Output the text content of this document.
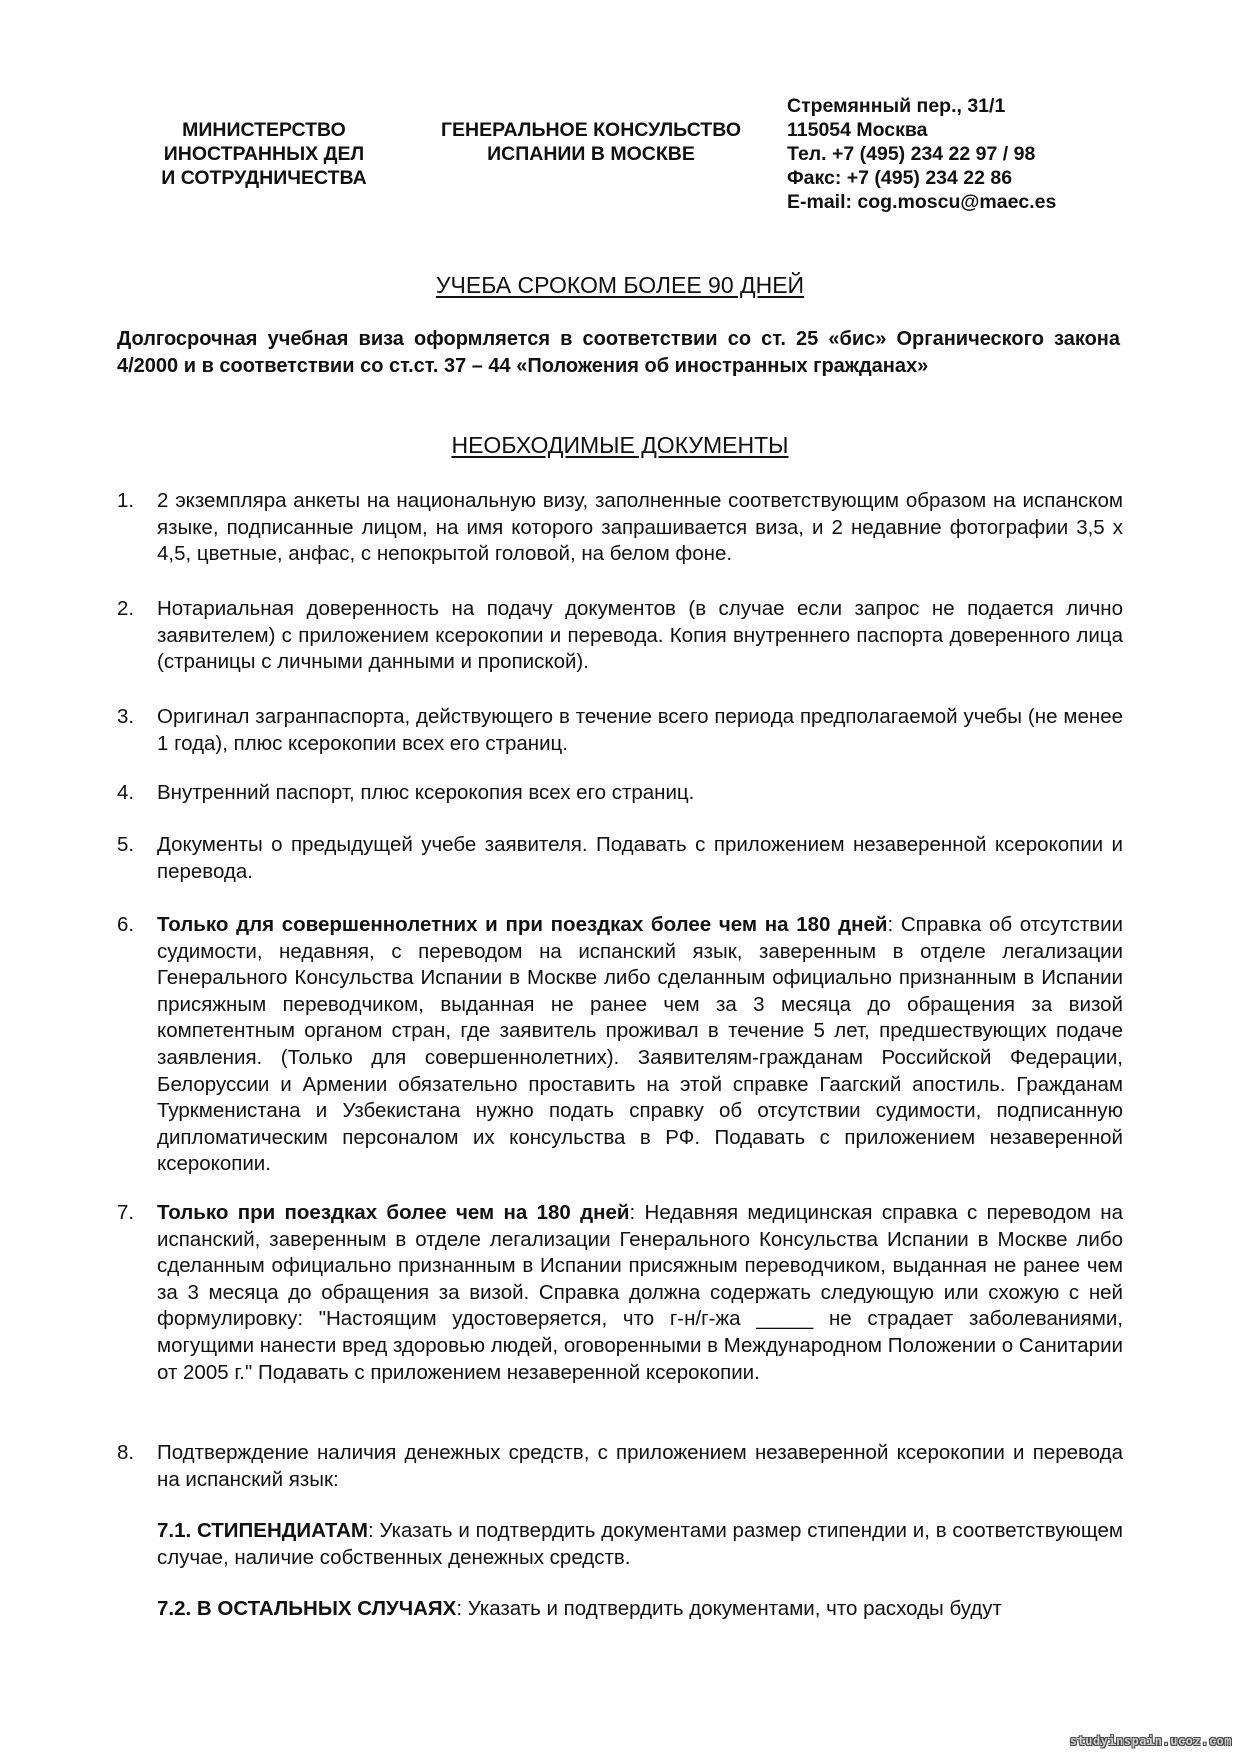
МИНИСТЕРСТВО
ИНОСТРАННЫХ ДЕЛ
И СОТРУДНИЧЕСТВА
ГЕНЕРАЛЬНОЕ КОНСУЛЬСТВО
ИСПАНИИ В МОСКВЕ
Стремянный пер., 31/1
115054 Москва
Тел. +7 (495) 234 22 97 / 98
Факс: +7 (495) 234 22 86
E-mail: cog.moscu@maec.es
УЧЕБА СРОКОМ БОЛЕЕ 90 ДНЕЙ
Долгосрочная учебная виза оформляется в соответствии со ст. 25 «бис» Органического закона 4/2000 и в соответствии со ст.ст. 37 – 44 «Положения об иностранных гражданах»
НЕОБХОДИМЫЕ ДОКУМЕНТЫ
1. 2 экземпляра анкеты на национальную визу, заполненные соответствующим образом на испанском языке, подписанные лицом, на имя которого запрашивается виза, и 2 недавние фотографии 3,5 х 4,5, цветные, анфас, с непокрытой головой, на белом фоне.
2. Нотариальная доверенность на подачу документов (в случае если запрос не подается лично заявителем) с приложением ксерокопии и перевода. Копия внутреннего паспорта доверенного лица (страницы с личными данными и пропиской).
3. Оригинал загранпаспорта, действующего в течение всего периода предполагаемой учебы (не менее 1 года), плюс ксерокопии всех его страниц.
4. Внутренний паспорт, плюс ксерокопия всех его страниц.
5. Документы о предыдущей учебе заявителя. Подавать с приложением незаверенной ксерокопии и перевода.
6. Только для совершеннолетних и при поездках более чем на 180 дней: Справка об отсутствии судимости, недавняя, с переводом на испанский язык, заверенным в отделе легализации Генерального Консульства Испании в Москве либо сделанным официально признанным в Испании присяжным переводчиком, выданная не ранее чем за 3 месяца до обращения за визой компетентным органом стран, где заявитель проживал в течение 5 лет, предшествующих подаче заявления. (Только для совершеннолетних). Заявителям-гражданам Российской Федерации, Белоруссии и Армении обязательно проставить на этой справке Гаагский апостиль. Гражданам Туркменистана и Узбекистана нужно подать справку об отсутствии судимости, подписанную дипломатическим персоналом их консульства в РФ. Подавать с приложением незаверенной ксерокопии.
7. Только при поездках более чем на 180 дней: Недавняя медицинская справка с переводом на испанский, заверенным в отделе легализации Генерального Консульства Испании в Москве либо сделанным официально признанным в Испании присяжным переводчиком, выданная не ранее чем за 3 месяца до обращения за визой. Справка должна содержать следующую или схожую с ней формулировку: "Настоящим удостоверяется, что г-н/г-жа _____ не страдает заболеваниями, могущими нанести вред здоровью людей, оговоренными в Международном Положении о Санитарии от 2005 г." Подавать с приложением незаверенной ксерокопии.
8. Подтверждение наличия денежных средств, с приложением незаверенной ксерокопии и перевода на испанский язык:
7.1. СТИПЕНДИАТАМ: Указать и подтвердить документами размер стипендии и, в соответствующем случае, наличие собственных денежных средств.
7.2. В ОСТАЛЬНЫХ СЛУЧАЯХ: Указать и подтвердить документами, что расходы будут
studyinspain.ucoz.com
